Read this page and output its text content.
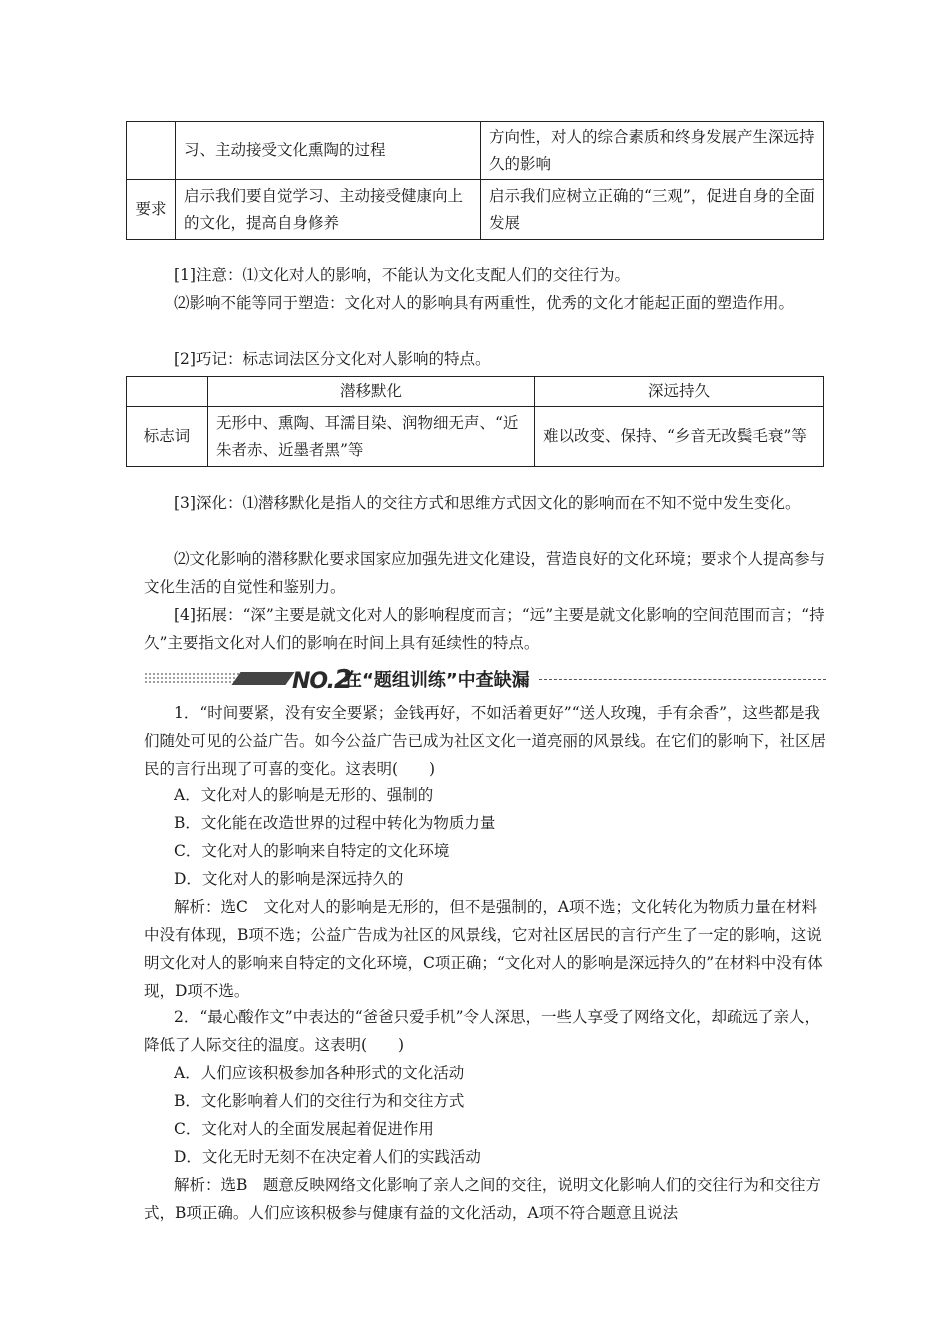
	习、主动接受文化熏陶的过程	方向性，对人的综合素质和终身发展产生深远持久的影响
要求	启示我们要自觉学习、主动接受健康向上的文化，提高自身修养	启示我们应树立正确的“三观”，促进自身的全面发展

[1]注意：⑴文化对人的影响，不能认为文化支配人们的交往行为。

⑵影响不能等同于塑造：文化对人的影响具有两重性，优秀的文化才能起正面的塑造作用。

[2]巧记：标志词法区分文化对人影响的特点。

	潜移默化	深远持久
标志词	无形中、熏陶、耳濡目染、润物细无声、“近朱者赤、近墨者黑”等	难以改变、保持、“乡音无改鬓毛衰”等

[3]深化：⑴潜移默化是指人的交往方式和思维方式因文化的影响而在不知不觉中发生变化。

⑵文化影响的潜移默化要求国家应加强先进文化建设，营造良好的文化环境；要求个人提高参与文化生活的自觉性和鉴别力。

[4]拓展：“深”主要是就文化对人的影响程度而言；“远”主要是就文化影响的空间范围而言；“持久”主要指文化对人们的影响在时间上具有延续性的特点。

NO.2
在“题组训练”中查缺漏

1．“时间要紧，没有安全要紧；金钱再好，不如活着更好”“送人玫瑰，手有余香”，这些都是我们随处可见的公益广告。如今公益广告已成为社区文化一道亮丽的风景线。在它们的影响下，社区居民的言行出现了可喜的变化。这表明(　　)

A．文化对人的影响是无形的、强制的

B．文化能在改造世界的过程中转化为物质力量

C．文化对人的影响来自特定的文化环境

D．文化对人的影响是深远持久的

解析：选C　文化对人的影响是无形的，但不是强制的，A项不选；文化转化为物质力量在材料中没有体现，B项不选；公益广告成为社区的风景线，它对社区居民的言行产生了一定的影响，这说明文化对人的影响来自特定的文化环境，C项正确；“文化对人的影响是深远持久的”在材料中没有体现，D项不选。

2．“最心酸作文”中表达的“爸爸只爱手机”令人深思，一些人享受了网络文化，却疏远了亲人，降低了人际交往的温度。这表明(　　)

A．人们应该积极参加各种形式的文化活动

B．文化影响着人们的交往行为和交往方式

C．文化对人的全面发展起着促进作用

D．文化无时无刻不在决定着人们的实践活动

解析：选B　题意反映网络文化影响了亲人之间的交往，说明文化影响人们的交往行为和交往方式，B项正确。人们应该积极参与健康有益的文化活动，A项不符合题意且说法
